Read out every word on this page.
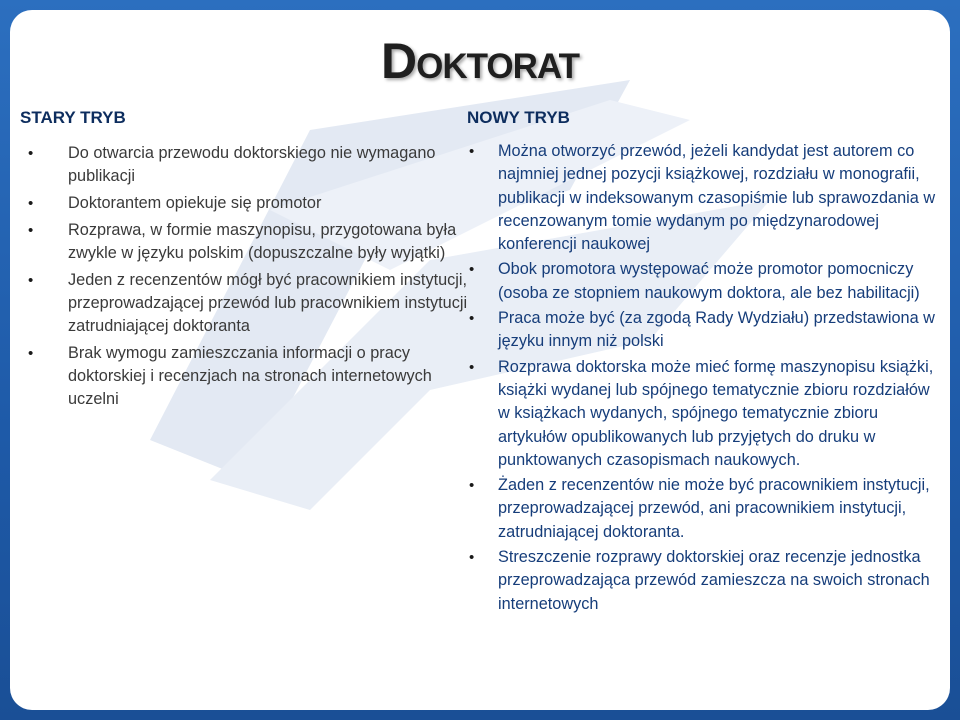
Doktorat
STARY TRYB
• Do otwarcia przewodu doktorskiego nie wymagano publikacji
• Doktorantem opiekuje się promotor
• Rozprawa, w formie maszynopisu, przygotowana była zwykle w języku polskim (dopuszczalne były wyjątki)
• Jeden z recenzentów mógł być pracownikiem instytucji, przeprowadzającej przewód lub pracownikiem instytucji zatrudniającej doktoranta
• Brak wymogu zamieszczania informacji o pracy doktorskiej i recenzjach na stronach internetowych uczelni
NOWY TRYB
• Można otworzyć przewód, jeżeli kandydat jest autorem co najmniej jednej pozycji książkowej, rozdziału w monografii, publikacji w indeksowanym czasopiśmie lub sprawozdania w recenzowanym tomie wydanym po międzynarodowej konferencji naukowej
• Obok promotora występować może promotor pomocniczy (osoba ze stopniem naukowym doktora, ale bez habilitacji)
• Praca może być (za zgodą Rady Wydziału) przedstawiona w języku innym niż polski
• Rozprawa doktorska może mieć formę maszynopisu książki, książki wydanej lub spójnego tematycznie zbioru rozdziałów w książkach wydanych, spójnego tematycznie zbioru artykułów opublikowanych lub przyjętych do druku w punktowanych czasopismach naukowych.
• Żaden z recenzentów nie może być pracownikiem instytucji, przeprowadzającej przewód, ani pracownikiem instytucji, zatrudniającej doktoranta.
• Streszczenie rozprawy doktorskiej oraz recenzje jednostka przeprowadzająca przewód zamieszcza na swoich stronach internetowych
